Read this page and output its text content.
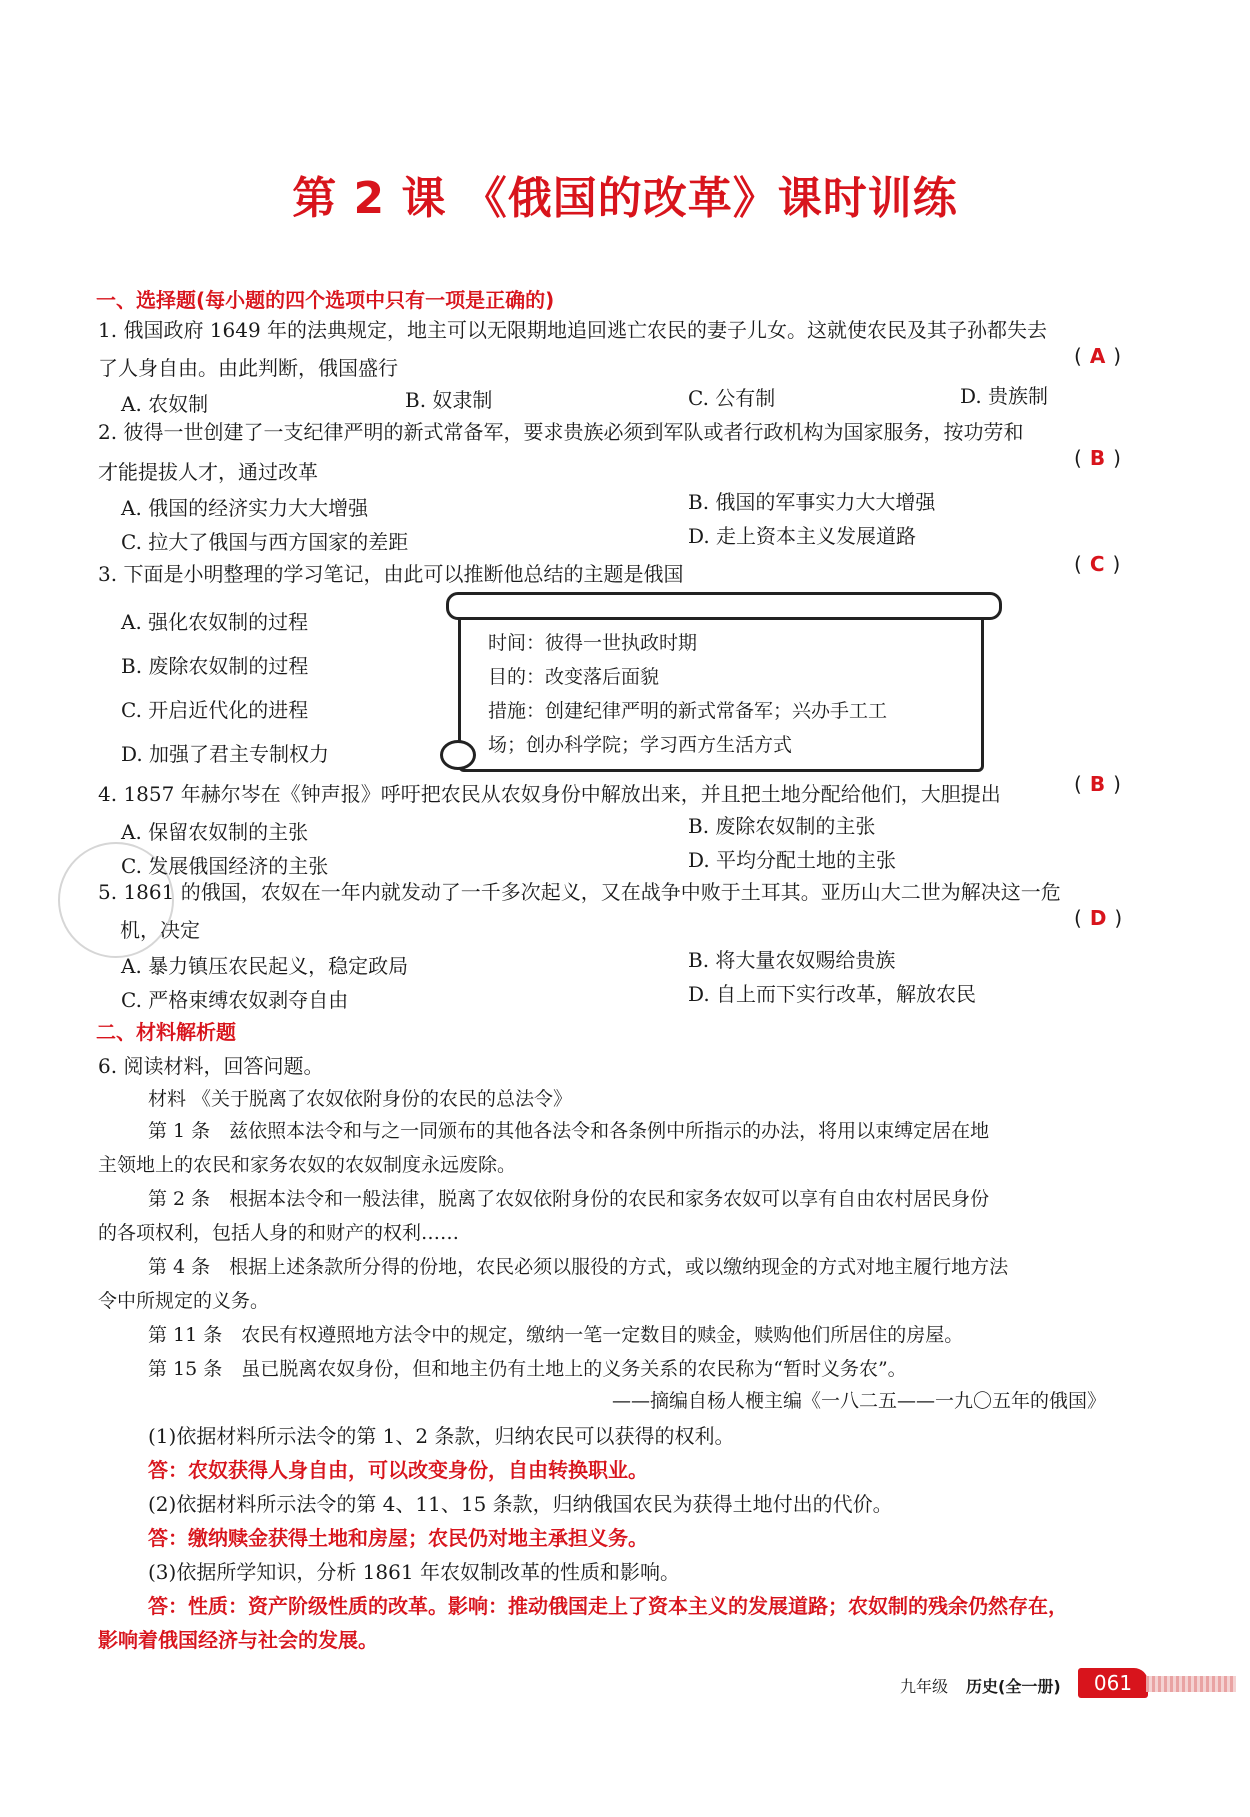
第 2 课 《俄国的改革》课时训练
一、选择题(每小题的四个选项中只有一项是正确的)
1. 俄国政府 1649 年的法典规定，地主可以无限期地追回逃亡农民的妻子儿女。这就使农民及其子孙都失去
了人身自由。由此判断，俄国盛行	( A )
A. 农奴制	B. 奴隶制	C. 公有制	D. 贵族制
2. 彼得一世创建了一支纪律严明的新式常备军，要求贵族必须到军队或者行政机构为国家服务，按功劳和
才能提拔人才，通过改革
( B )
A. 俄国的经济实力大大增强	B. 俄国的军事实力大大增强
C. 拉大了俄国与西方国家的差距	D. 走上资本主义发展道路
3. 下面是小明整理的学习笔记，由此可以推断他总结的主题是俄国	( C )
A. 强化农奴制的过程
B. 废除农奴制的过程
C. 开启近代化的进程
D. 加强了君主专制权力
时间：彼得一世执政时期
目的：改变落后面貌
措施：创建纪律严明的新式常备军；兴办手工工
场；创办科学院；学习西方生活方式
4. 1857 年赫尔岑在《钟声报》呼吁把农民从农奴身份中解放出来，并且把土地分配给他们，大胆提出	( B )
A. 保留农奴制的主张	B. 废除农奴制的主张
C. 发展俄国经济的主张	D. 平均分配土地的主张
5. 1861 的俄国，农奴在一年内就发动了一千多次起义，又在战争中败于土耳其。亚历山大二世为解决这一危
机，决定	( D )
A. 暴力镇压农民起义，稳定政局	B. 将大量农奴赐给贵族
C. 严格束缚农奴剥夺自由	D. 自上而下实行改革，解放农民
二、材料解析题
6. 阅读材料，回答问题。
材料 《关于脱离了农奴依附身份的农民的总法令》
第 1 条　兹依照本法令和与之一同颁布的其他各法令和各条例中所指示的办法，将用以束缚定居在地
主领地上的农民和家务农奴的农奴制度永远废除。
第 2 条　根据本法令和一般法律，脱离了农奴依附身份的农民和家务农奴可以享有自由农村居民身份
的各项权利，包括人身的和财产的权利……
第 4 条　根据上述条款所分得的份地，农民必须以服役的方式，或以缴纳现金的方式对地主履行地方法
令中所规定的义务。
第 11 条　农民有权遵照地方法令中的规定，缴纳一笔一定数目的赎金，赎购他们所居住的房屋。
第 15 条　虽已脱离农奴身份，但和地主仍有土地上的义务关系的农民称为“暂时义务农”。
——摘编自杨人楩主编《一八二五——一九〇五年的俄国》
(1)依据材料所示法令的第 1、2 条款，归纳农民可以获得的权利。
答：农奴获得人身自由，可以改变身份，自由转换职业。
(2)依据材料所示法令的第 4、11、15 条款，归纳俄国农民为获得土地付出的代价。
答：缴纳赎金获得土地和房屋；农民仍对地主承担义务。
(3)依据所学知识，分析 1861 年农奴制改革的性质和影响。
答：性质：资产阶级性质的改革。影响：推动俄国走上了资本主义的发展道路；农奴制的残余仍然存在，
影响着俄国经济与社会的发展。
九年级 历史(全一册)	061
